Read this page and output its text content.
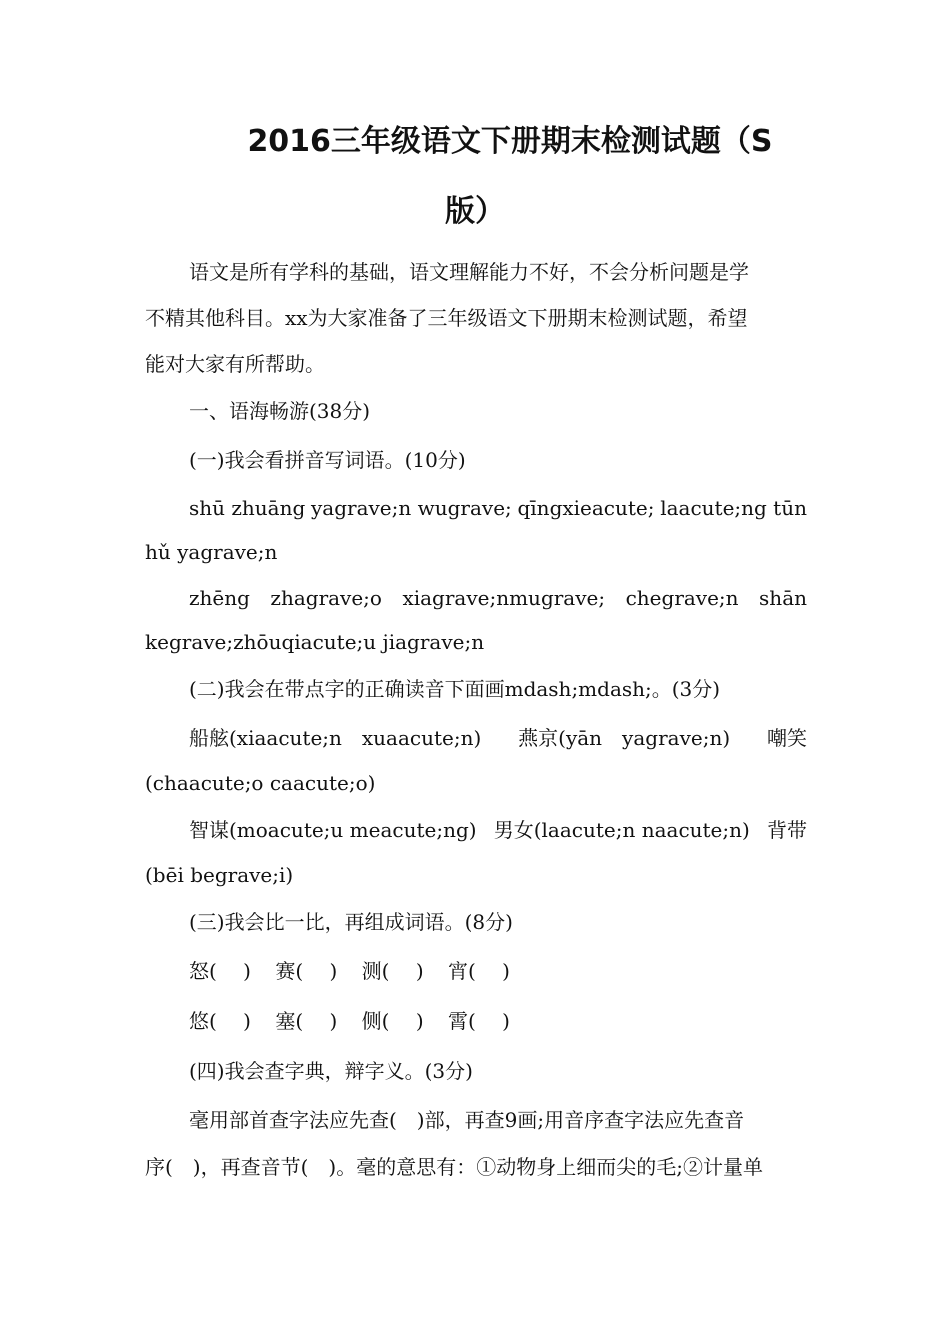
2016三年级语文下册期末检测试题（S
版）
语文是所有学科的基础，语文理解能力不好，不会分析问题是学
不精其他科目。xx为大家准备了三年级语文下册期末检测试题，希望
能对大家有所帮助。
一、语海畅游(38分)
(一)我会看拼音写词语。(10分)
shū zhuāng yagrave;n wugrave; qīngxieacute; laacute;ng tūn
hǔ yagrave;n
zhēng zhagrave;o xiagrave;nmugrave; chegrave;n shān
kegrave;zhōuqiacute;u jiagrave;n
(二)我会在带点字的正确读音下面画mdash;mdash;。(3分)
船舷(xiaacute;n　xuaacute;n) 燕京(yān　yagrave;n) 嘲笑
(chaacute;o caacute;o)
智谋(moacute;u meacute;ng) 男女(laacute;n naacute;n) 背带
(bēi begrave;i)
(三)我会比一比，再组成词语。(8分)
怒(　 ) 赛(　 ) 测(　 ) 宵(　 )
悠(　 ) 塞(　 ) 侧(　 ) 霄(　 )
(四)我会查字典，辩字义。(3分)
毫用部首查字法应先查(　)部，再查9画;用音序查字法应先查音
序(　)，再查音节(　)。毫的意思有：①动物身上细而尖的毛;②计量单
